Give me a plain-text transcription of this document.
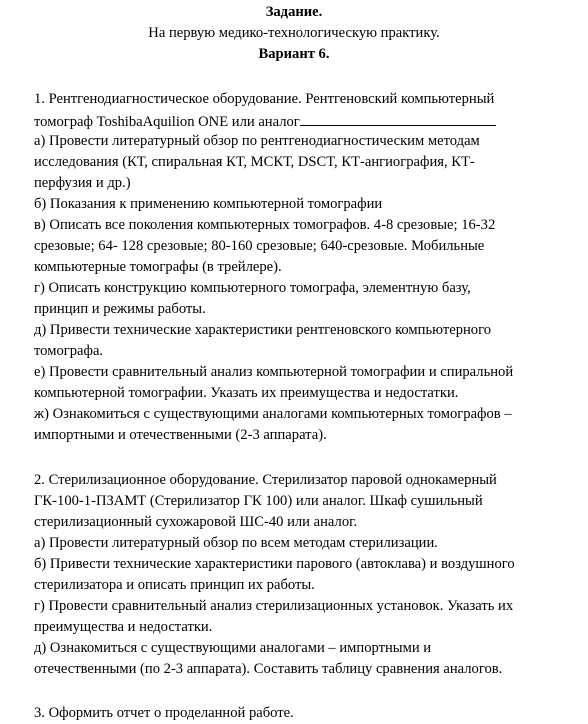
Задание.
На первую медико-технологическую практику.
Вариант 6.
1. Рентгенодиагностическое оборудование. Рентгеновский компьютерный
томограф ToshibaAquilion ONE или аналог
а) Провести литературный обзор по рентгенодиагностическим методам
исследования (КТ, спиральная КТ, МСКТ, DSCT, КТ-ангиография, КТ-
перфузия и др.)
б) Показания к применению компьютерной томографии
в) Описать все поколения компьютерных томографов. 4-8 срезовые; 16-32
срезовые; 64- 128 срезовые; 80-160 срезовые; 640-срезовые. Мобильные
компьютерные томографы (в трейлере).
г) Описать конструкцию компьютерного томографа, элементную базу,
принцип и режимы работы.
д) Привести технические характеристики рентгеновского компьютерного
томографа.
е) Провести сравнительный анализ компьютерной томографии и спиральной
компьютерной томографии. Указать их преимущества и недостатки.
ж) Ознакомиться с существующими аналогами компьютерных томографов –
импортными и отечественными (2-3 аппарата).
2. Стерилизационное оборудование. Стерилизатор паровой однокамерный
ГК-100-1-ПЗАМТ (Стерилизатор ГК 100) или аналог. Шкаф сушильный
стерилизационный сухожаровой ШС-40 или аналог.
а) Провести литературный обзор по всем методам стерилизации.
б) Привести технические характеристики парового (автоклава) и воздушного
стерилизатора и описать принцип их работы.
г) Провести сравнительный анализ стерилизационных установок. Указать их
преимущества и недостатки.
д) Ознакомиться с существующими аналогами – импортными и
отечественными (по 2-3 аппарата). Составить таблицу сравнения аналогов.
3. Оформить отчет о проделанной работе.
